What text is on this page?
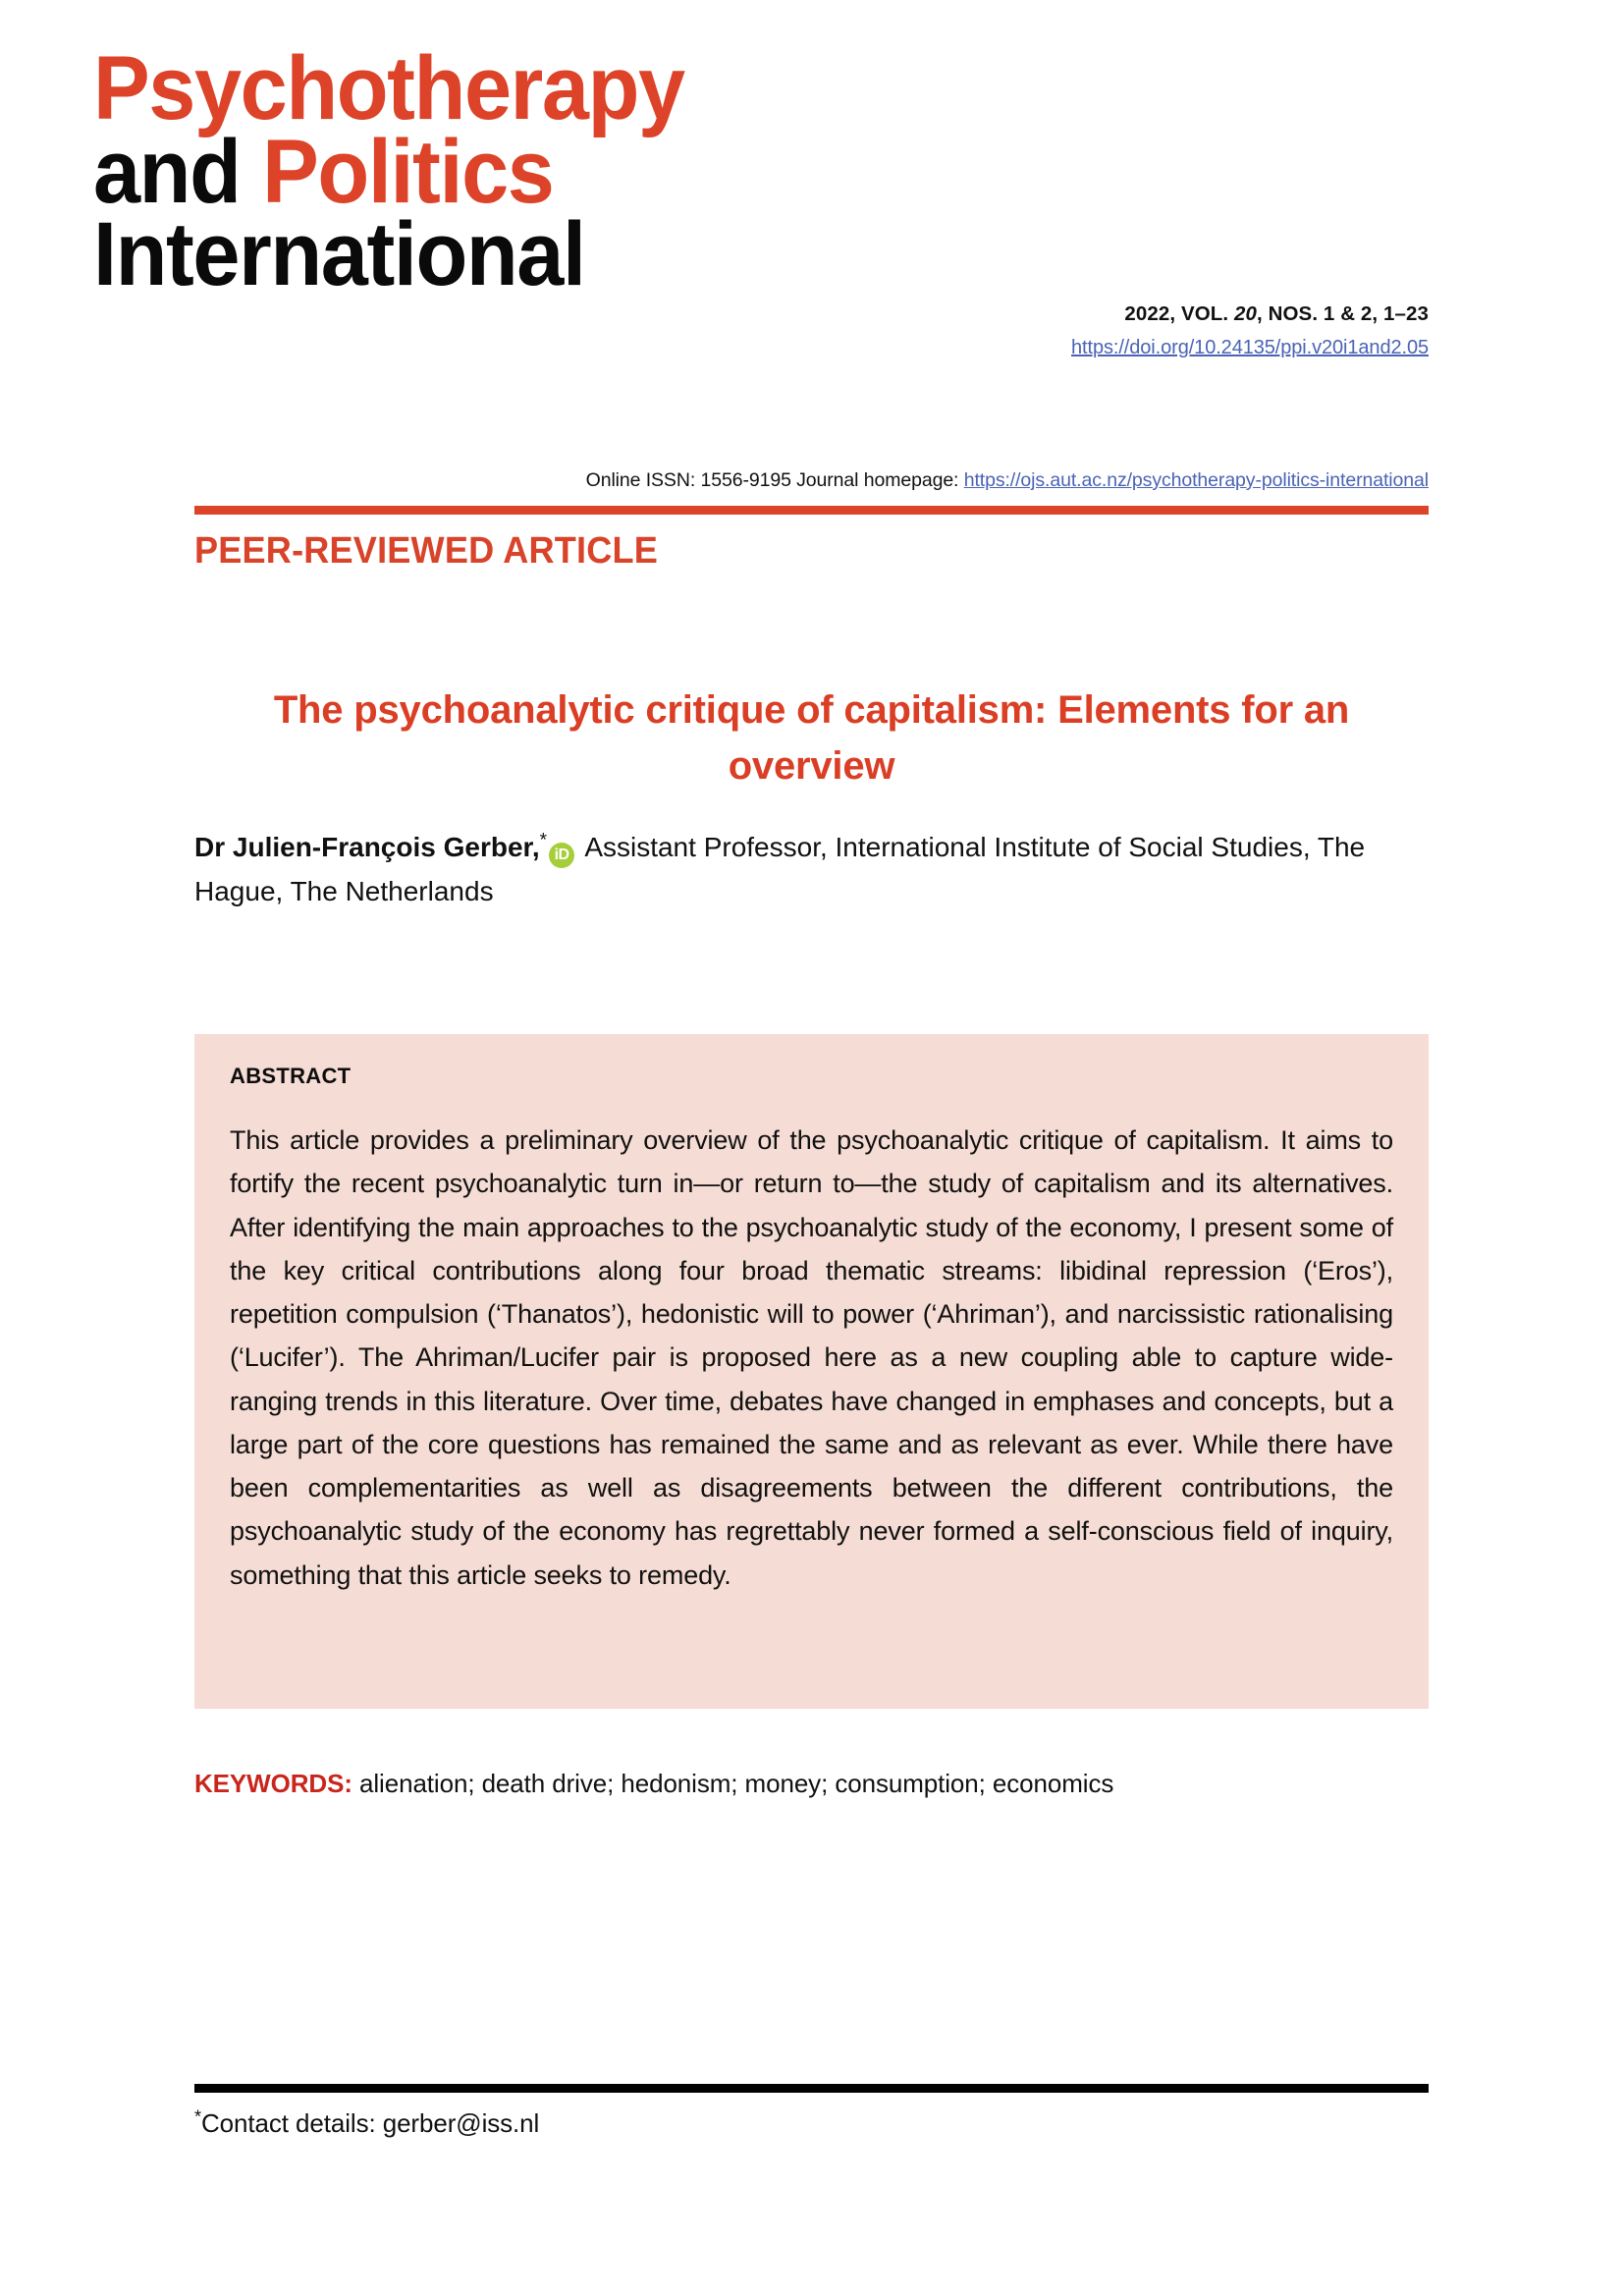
Psychotherapy
and Politics
International
2022, VOL. 20, NOS. 1 & 2, 1–23
https://doi.org/10.24135/ppi.v20i1and2.05
Online ISSN: 1556-9195 Journal homepage: https://ojs.aut.ac.nz/psychotherapy-politics-international
PEER-REVIEWED ARTICLE
The psychoanalytic critique of capitalism: Elements for an overview
Dr Julien-François Gerber,*iD Assistant Professor, International Institute of Social Studies, The Hague, The Netherlands
ABSTRACT
This article provides a preliminary overview of the psychoanalytic critique of capitalism. It aims to fortify the recent psychoanalytic turn in—or return to—the study of capitalism and its alternatives. After identifying the main approaches to the psychoanalytic study of the economy, I present some of the key critical contributions along four broad thematic streams: libidinal repression (‘Eros’), repetition compulsion (‘Thanatos’), hedonistic will to power (‘Ahriman’), and narcissistic rationalising (‘Lucifer’). The Ahriman/Lucifer pair is proposed here as a new coupling able to capture wide-ranging trends in this literature. Over time, debates have changed in emphases and concepts, but a large part of the core questions has remained the same and as relevant as ever. While there have been complementarities as well as disagreements between the different contributions, the psychoanalytic study of the economy has regrettably never formed a self-conscious field of inquiry, something that this article seeks to remedy.
KEYWORDS: alienation; death drive; hedonism; money; consumption; economics
*Contact details: gerber@iss.nl
